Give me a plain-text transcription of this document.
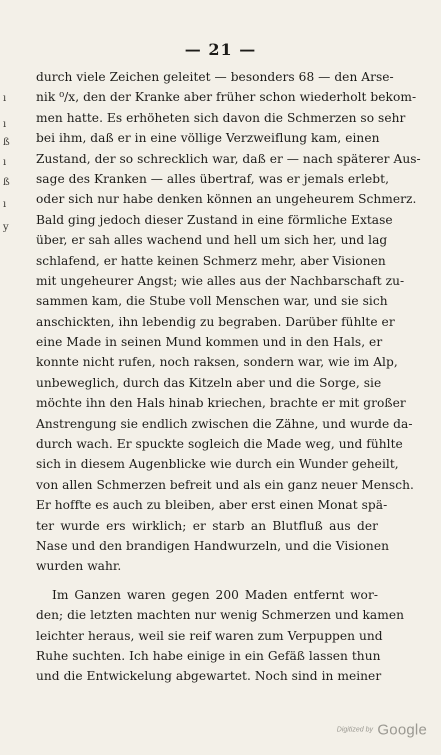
— 21 —
ı
ı
ß
ı
ß
ı
y
durch viele Zeichen geleitet — besonders 68 — den Arse-
nik ⁰/x, den der Kranke aber früher schon wiederholt bekom-
men hatte. Es erhöheten sich davon die Schmerzen so sehr
bei ihm, daß er in eine völlige Verzweiflung kam, einen
Zustand, der so schrecklich war, daß er — nach späterer Aus-
sage des Kranken — alles übertraf, was er jemals erlebt,
oder sich nur habe denken können an ungeheurem Schmerz.
Bald ging jedoch dieser Zustand in eine förmliche Extase
über, er sah alles wachend und hell um sich her, und lag
schlafend, er hatte keinen Schmerz mehr, aber Visionen
mit ungeheurer Angst; wie alles aus der Nachbarschaft zu-
sammen kam, die Stube voll Menschen war, und sie sich
anschickten, ihn lebendig zu begraben. Darüber fühlte er
eine Made in seinen Mund kommen und in den Hals, er
konnte nicht rufen, noch raksen, sondern war, wie im Alp,
unbeweglich, durch das Kitzeln aber und die Sorge, sie
möchte ihn den Hals hinab kriechen, brachte er mit großer
Anstrengung sie endlich zwischen die Zähne, und wurde da-
durch wach. Er spuckte sogleich die Made weg, und fühlte
sich in diesem Augenblicke wie durch ein Wunder geheilt,
von allen Schmerzen befreit und als ein ganz neuer Mensch.
Er hoffte es auch zu bleiben, aber erst einen Monat spä-
ter wurde ers wirklich; er starb an Blutfluß aus der
Nase und den brandigen Handwurzeln, und die Visionen
wurden wahr.
Im Ganzen waren gegen 200 Maden entfernt wor-
den; die letzten machten nur wenig Schmerzen und kamen
leichter heraus, weil sie reif waren zum Verpuppen und
Ruhe suchten. Ich habe einige in ein Gefäß lassen thun
und die Entwickelung abgewartet. Noch sind in meiner
Digitized by Google
